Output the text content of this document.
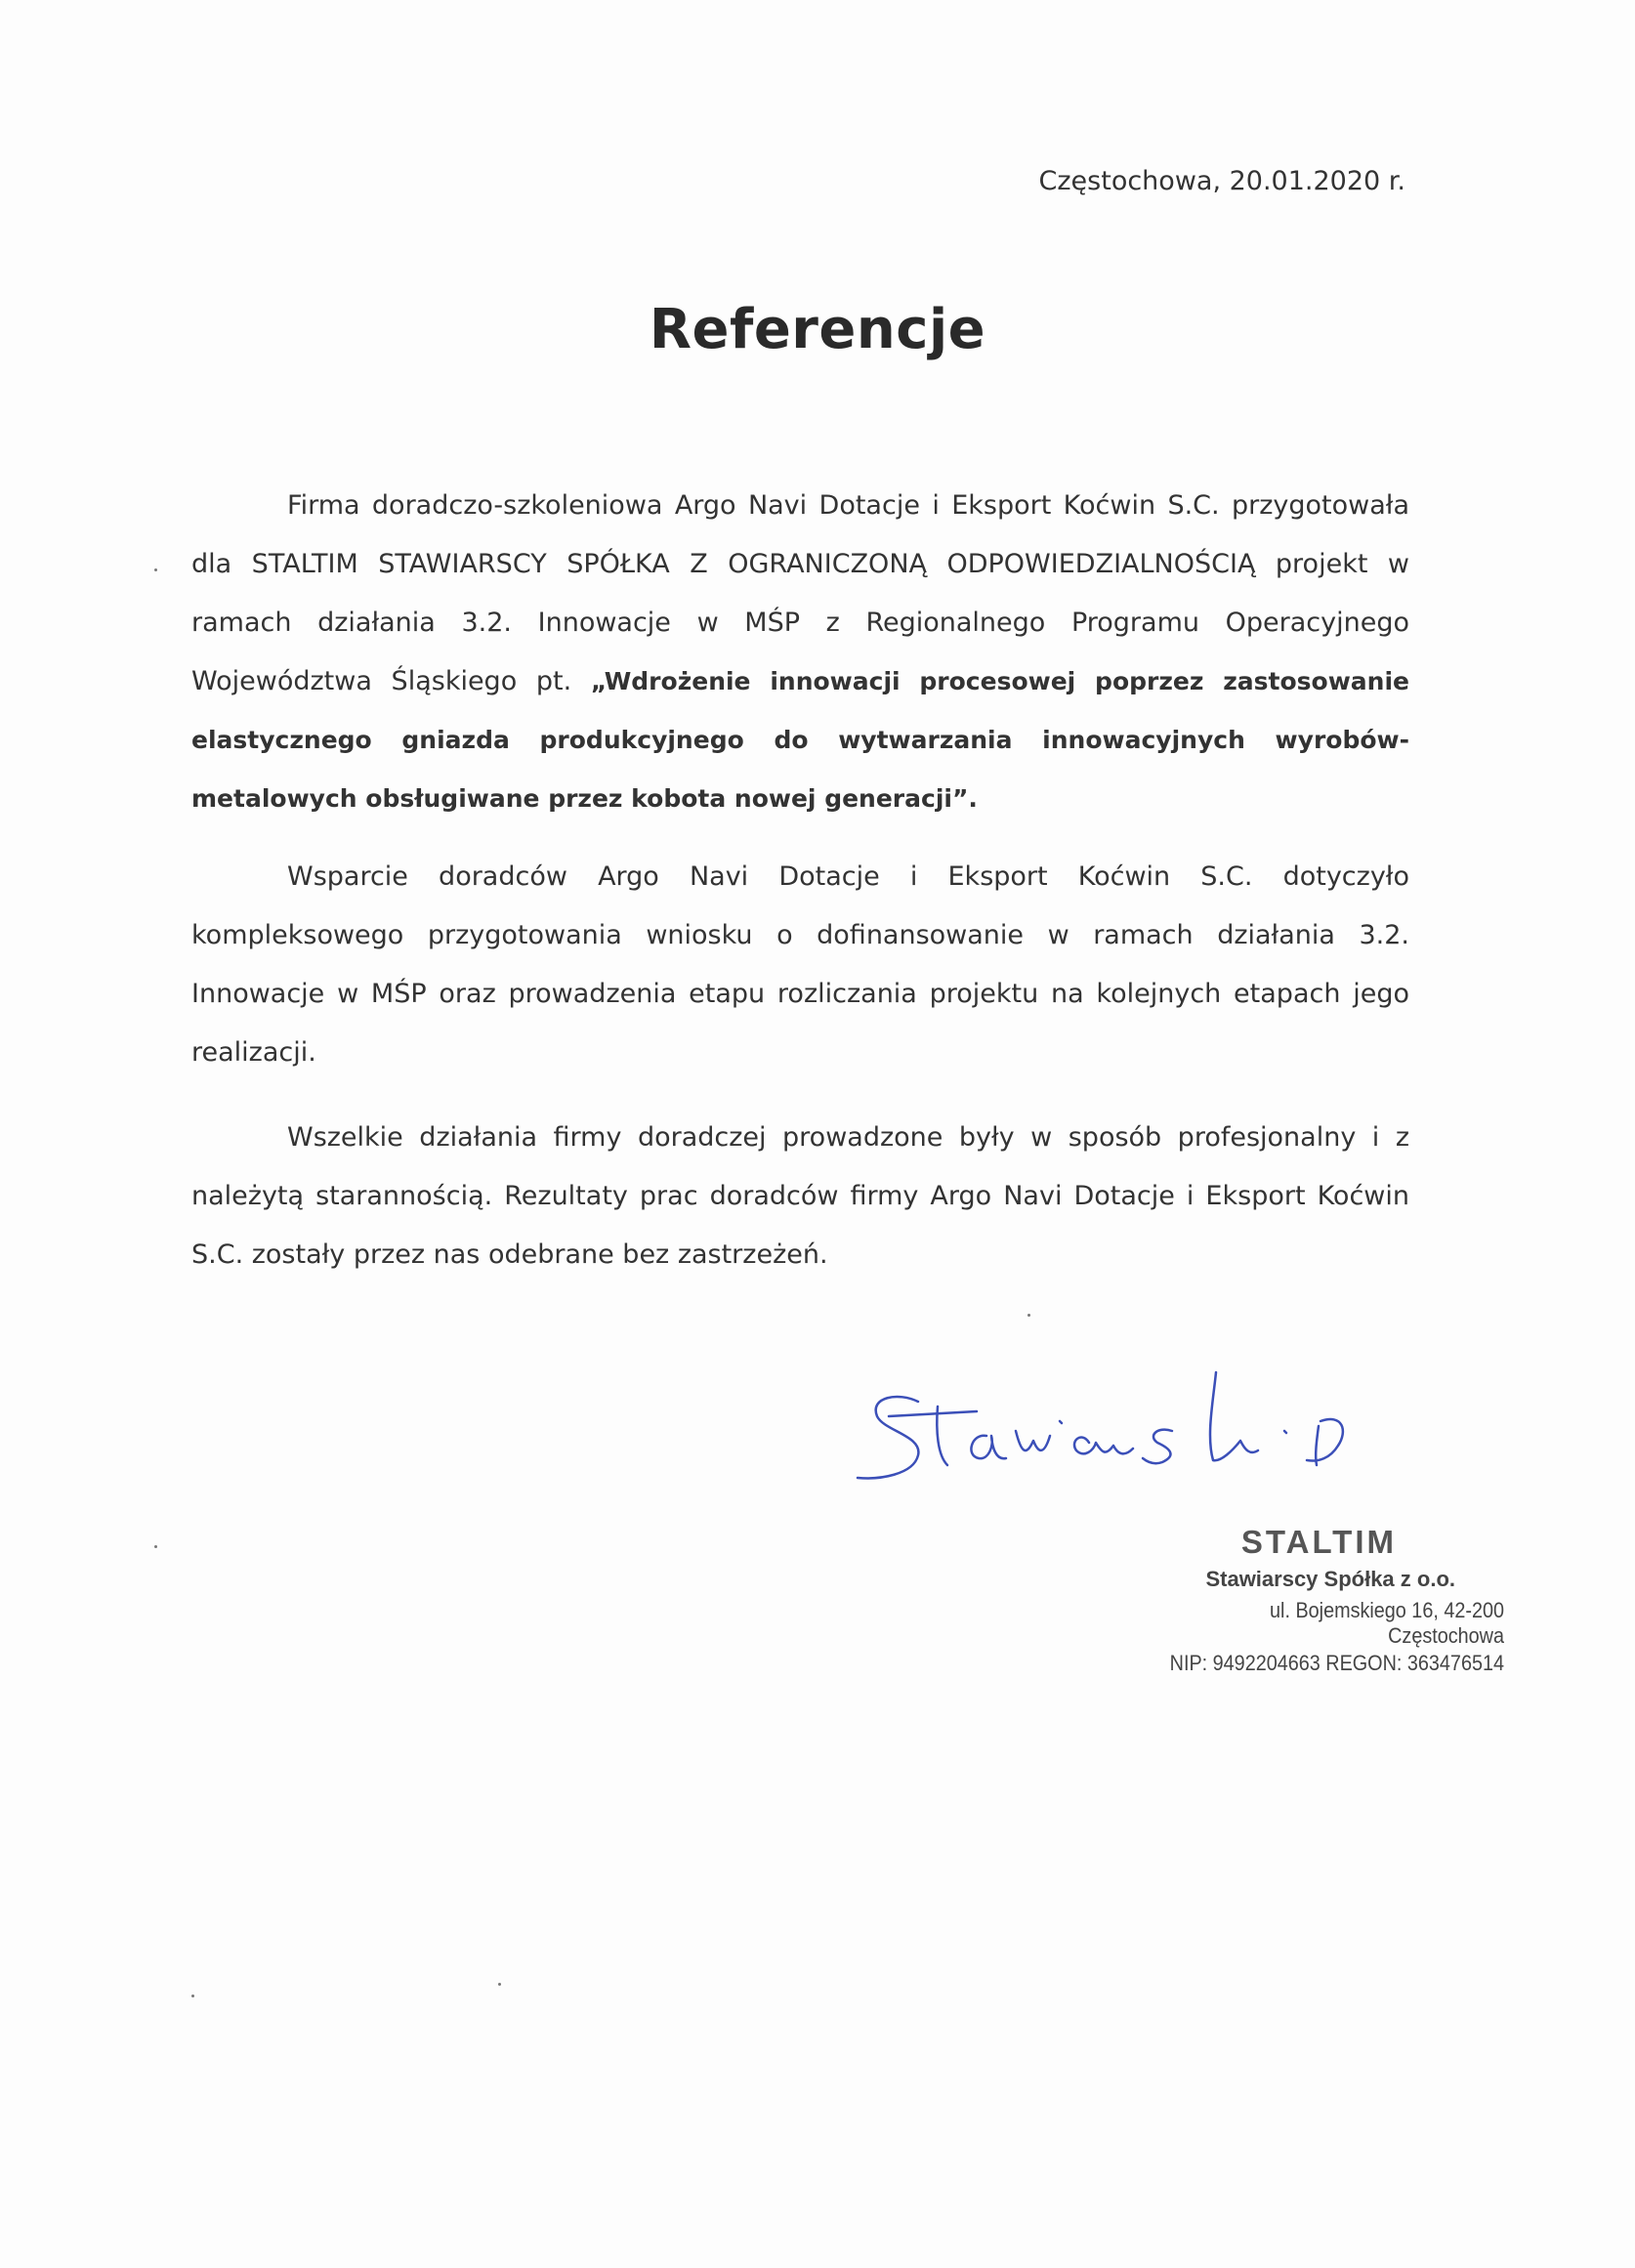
Częstochowa, 20.01.2020 r.
Referencje

Firma doradczo-szkoleniowa Argo Navi Dotacje i Eksport Koćwin S.C. przygotowała dla STALTIM STAWIARSCY SPÓŁKA Z OGRANICZONĄ ODPOWIEDZIALNOŚCIĄ projekt w ramach działania 3.2. Innowacje w MŚP z Regionalnego Programu Operacyjnego Województwa Śląskiego pt. „Wdrożenie innowacji procesowej poprzez zastosowanie elastycznego gniazda produkcyjnego do wytwarzania innowacyjnych wyrobów- metalowych obsługiwane przez kobota nowej generacji”.

Wsparcie doradców Argo Navi Dotacje i Eksport Koćwin S.C. dotyczyło kompleksowego przygotowania wniosku o dofinansowanie w ramach działania 3.2. Innowacje w MŚP oraz prowadzenia etapu rozliczania projektu na kolejnych etapach jego realizacji.

Wszelkie działania firmy doradczej prowadzone były w sposób profesjonalny i z należytą starannością. Rezultaty prac doradców firmy Argo Navi Dotacje i Eksport Koćwin S.C. zostały przez nas odebrane bez zastrzeżeń.

STALTIM
Stawiarscy Spółka z o.o.
ul. Bojemskiego 16, 42-200 Częstochowa
NIP: 9492204663 REGON: 363476514
